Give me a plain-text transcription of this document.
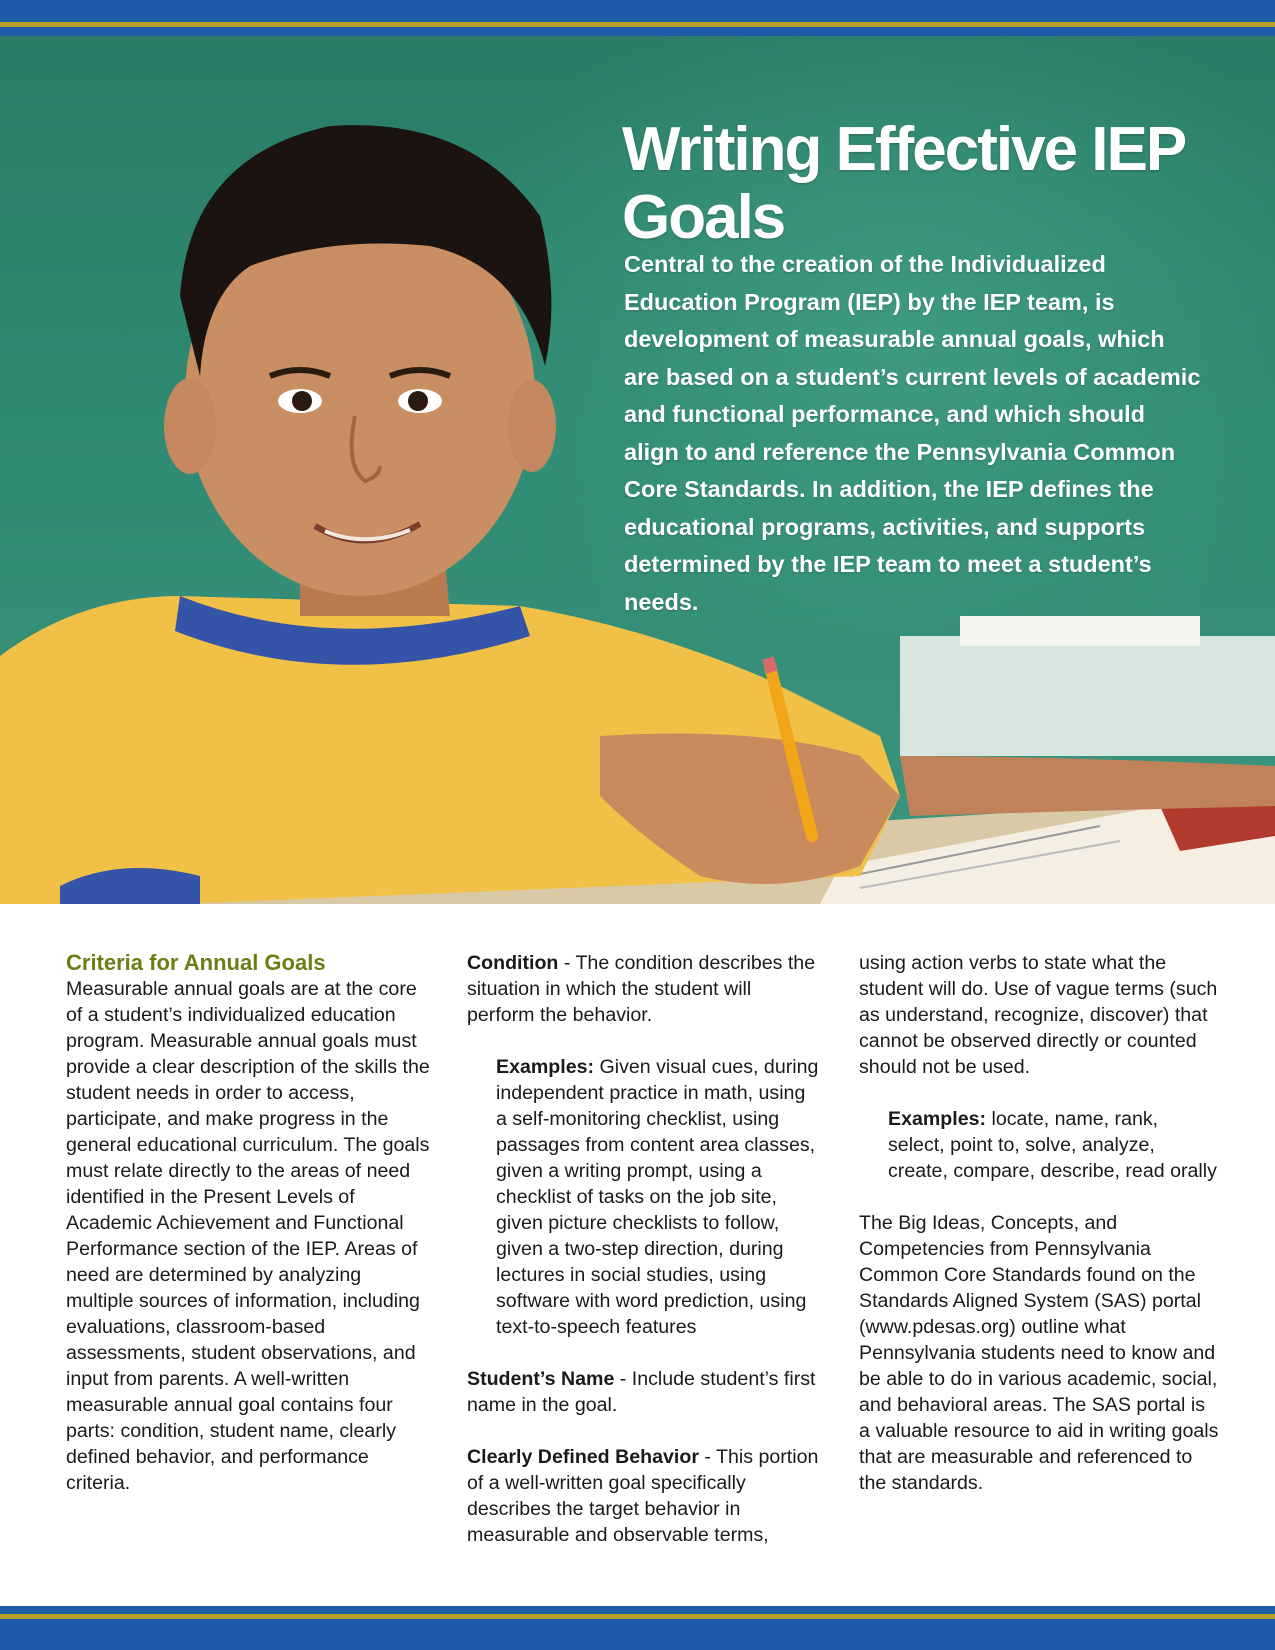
Writing Effective IEP Goals
Central to the creation of the Individualized Education Program (IEP) by the IEP team, is development of measurable annual goals, which are based on a student’s current levels of academic and functional performance, and which should align to and reference the Pennsylvania Common Core Standards. In addition, the IEP defines the educational programs, activities, and supports determined by the IEP team to meet a student’s needs.
Criteria for Annual Goals
Measurable annual goals are at the core of a student’s individualized education program. Measurable annual goals must provide a clear description of the skills the student needs in order to access, participate, and make progress in the general educational curriculum. The goals must relate directly to the areas of need identified in the Present Levels of Academic Achievement and Functional Performance section of the IEP. Areas of need are determined by analyzing multiple sources of information, including evaluations, classroom-based assessments, student observations, and input from parents. A well-written measurable annual goal contains four parts: condition, student name, clearly defined behavior, and performance criteria.
Condition - The condition describes the situation in which the student will perform the behavior.
Examples: Given visual cues, during independent practice in math, using a self-monitoring checklist, using passages from content area classes, given a writing prompt, using a checklist of tasks on the job site, given picture checklists to follow, given a two-step direction, during lectures in social studies, using software with word prediction, using text-to-speech features
Student’s Name - Include student’s first name in the goal.
Clearly Defined Behavior - This portion of a well-written goal specifically describes the target behavior in measurable and observable terms,
using action verbs to state what the student will do. Use of vague terms (such as understand, recognize, discover) that cannot be observed directly or counted should not be used.
Examples: locate, name, rank, select, point to, solve, analyze, create, compare, describe, read orally
The Big Ideas, Concepts, and Competencies from Pennsylvania Common Core Standards found on the Standards Aligned System (SAS) portal (www.pdesas.org) outline what Pennsylvania students need to know and be able to do in various academic, social, and behavioral areas. The SAS portal is a valuable resource to aid in writing goals that are measurable and referenced to the standards.
